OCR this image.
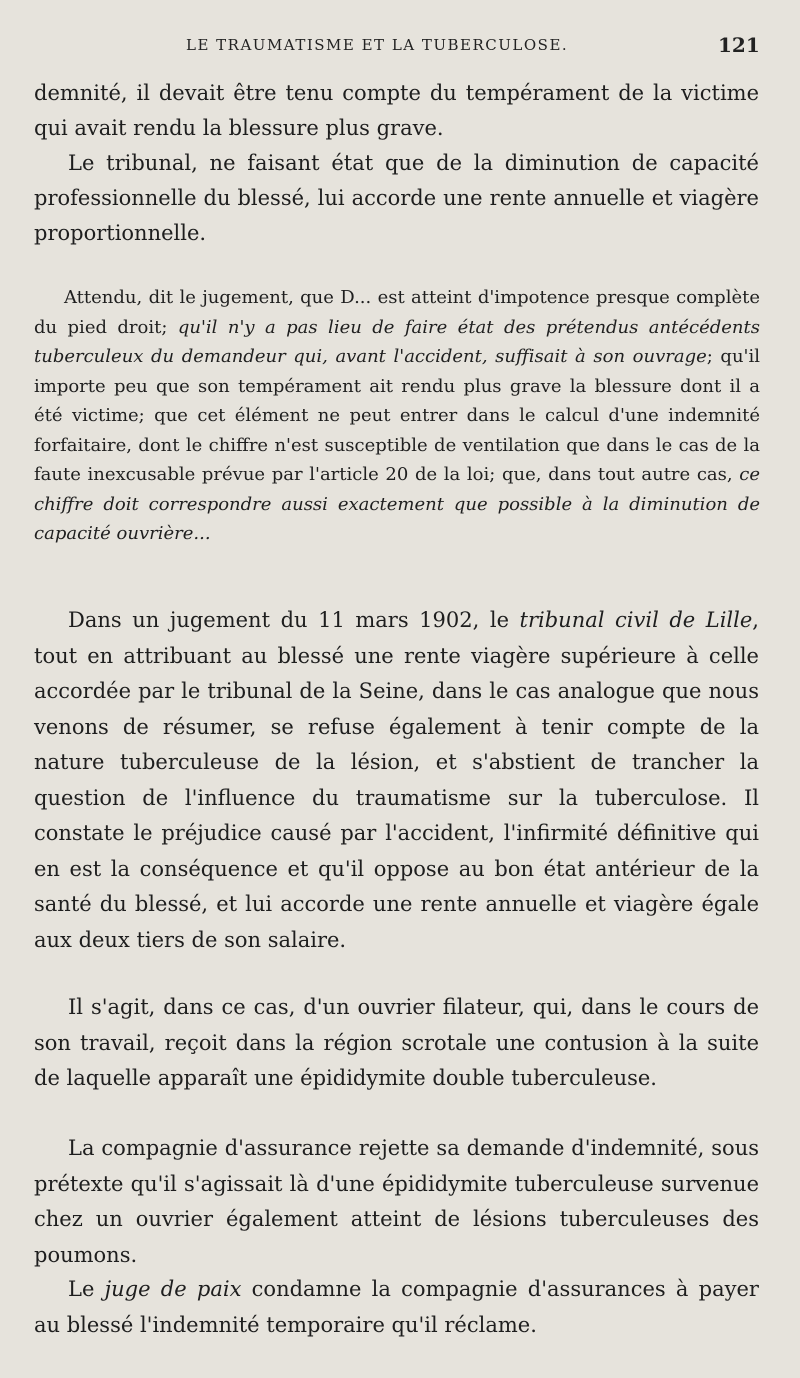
LE TRAUMATISME ET LA TUBERCULOSE.	121

demnité, il devait être tenu compte du tempérament de la victime qui avait rendu la blessure plus grave.

Le tribunal, ne faisant état que de la diminution de capacité professionnelle du blessé, lui accorde une rente annuelle et viagère proportionnelle.

Attendu, dit le jugement, que D... est atteint d'impotence presque complète du pied droit; qu'il n'y a pas lieu de faire état des prétendus antécédents tuberculeux du demandeur qui, avant l'accident, suffisait à son ouvrage; qu'il importe peu que son tempérament ait rendu plus grave la blessure dont il a été victime; que cet élément ne peut entrer dans le calcul d'une indemnité forfaitaire, dont le chiffre n'est susceptible de ventilation que dans le cas de la faute inexcusable prévue par l'article 20 de la loi; que, dans tout autre cas, ce chiffre doit correspondre aussi exactement que possible à la diminution de capacité ouvrière...

Dans un jugement du 11 mars 1902, le tribunal civil de Lille, tout en attribuant au blessé une rente viagère supérieure à celle accordée par le tribunal de la Seine, dans le cas analogue que nous venons de résumer, se refuse également à tenir compte de la nature tuberculeuse de la lésion, et s'abstient de trancher la question de l'influence du traumatisme sur la tuberculose. Il constate le préjudice causé par l'accident, l'infirmité définitive qui en est la conséquence et qu'il oppose au bon état antérieur de la santé du blessé, et lui accorde une rente annuelle et viagère égale aux deux tiers de son salaire.

Il s'agit, dans ce cas, d'un ouvrier filateur, qui, dans le cours de son travail, reçoit dans la région scrotale une contusion à la suite de laquelle apparaît une épididymite double tuberculeuse.

La compagnie d'assurance rejette sa demande d'indemnité, sous prétexte qu'il s'agissait là d'une épididymite tuberculeuse survenue chez un ouvrier également atteint de lésions tuberculeuses des poumons.

Le juge de paix condamne la compagnie d'assurances à payer au blessé l'indemnité temporaire qu'il réclame.
